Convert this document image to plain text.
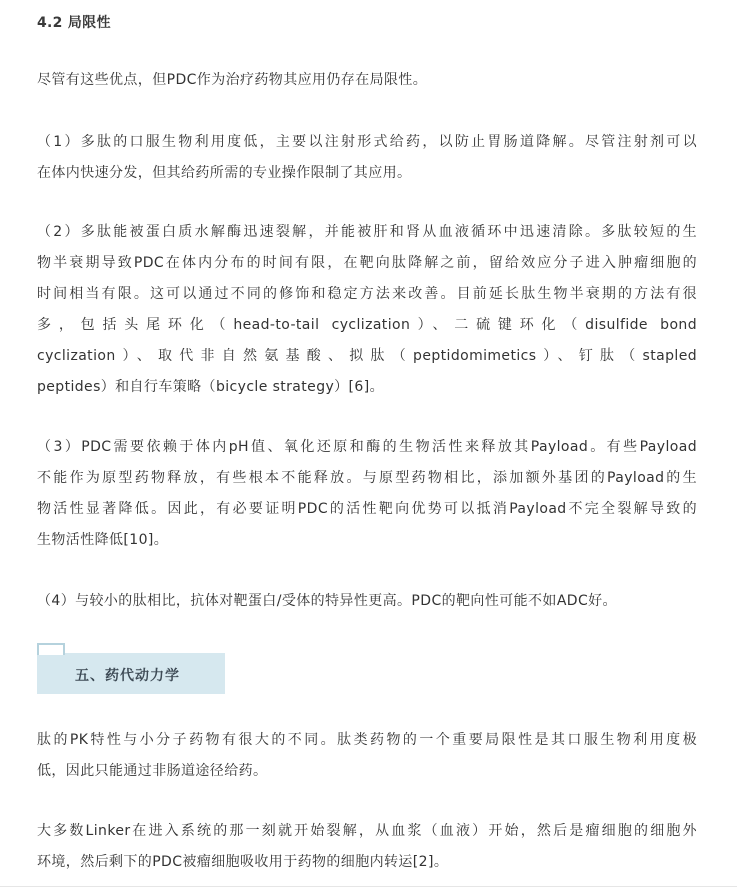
4.2 局限性
尽管有这些优点，但PDC作为治疗药物其应用仍存在局限性。
（1）多肽的口服生物利用度低，主要以注射形式给药，以防止胃肠道降解。尽管注射剂可以
在体内快速分发，但其给药所需的专业操作限制了其应用。
（2）多肽能被蛋白质水解酶迅速裂解，并能被肝和肾从血液循环中迅速清除。多肽较短的生
物半衰期导致PDC在体内分布的时间有限，在靶向肽降解之前，留给效应分子进入肿瘤细胞的
时间相当有限。这可以通过不同的修饰和稳定方法来改善。目前延长肽生物半衰期的方法有很
多，包括头尾环化（head-to-tail cyclization）、二硫键环化（disulfide bond
cyclization）、取代非自然氨基酸、拟肽（peptidomimetics）、钉肽（stapled
peptides）和自行车策略（bicycle strategy）[6]。
（3）PDC需要依赖于体内pH值、氧化还原和酶的生物活性来释放其Payload。有些Payload
不能作为原型药物释放，有些根本不能释放。与原型药物相比，添加额外基团的Payload的生
物活性显著降低。因此，有必要证明PDC的活性靶向优势可以抵消Payload不完全裂解导致的
生物活性降低[10]。
（4）与较小的肽相比，抗体对靶蛋白/受体的特异性更高。PDC的靶向性可能不如ADC好。
五、药代动力学
肽的PK特性与小分子药物有很大的不同。肽类药物的一个重要局限性是其口服生物利用度极
低，因此只能通过非肠道途径给药。
大多数Linker在进入系统的那一刻就开始裂解，从血浆（血液）开始，然后是瘤细胞的细胞外
环境，然后剩下的PDC被瘤细胞吸收用于药物的细胞内转运[2]。
